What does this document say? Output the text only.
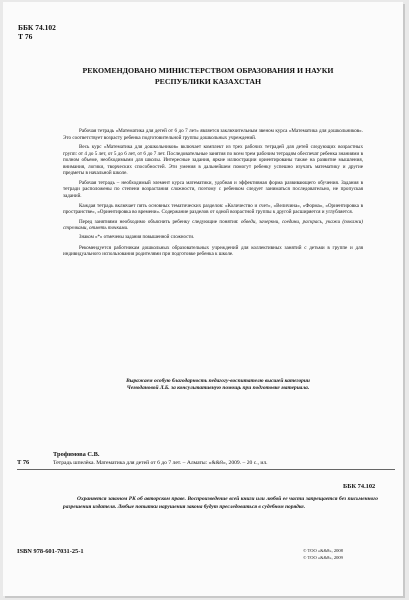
ББК 74.102
Т 76
РЕКОМЕНДОВАНО МИНИСТЕРСТВОМ ОБРАЗОВАНИЯ И НАУКИ
РЕСПУБЛИКИ КАЗАХСТАН

Рабочая тетрадь «Математика для детей от 6 до 7 лет» является заключительным звеном курса «Математика для дошкольников». Это соответствует возрасту ребенка подготовительной группы дошкольных учреждений.

Весь курс «Математика для дошкольников» включает комплект из трех рабочих тетрадей для детей следующих возрастных групп: от 4 до 5 лет, от 5 до 6 лет, от 6 до 7 лет. Последовательные занятия по всем трем рабочим тетрадям обеспечат ребенка знаниями в полном объеме, необходимыми для школы. Интересные задания, яркие иллюстрации ориентированы также на развитие мышления, внимания, логики, творческих способностей. Эти умения в дальнейшем помогут ребенку успешно изучать математику и другие предметы в начальной школе.

Рабочая тетрадь – необходимый элемент курса математики, удобная и эффективная форма развивающего обучения. Задания в тетради расположены по степени возрастания сложности, поэтому с ребенком следует заниматься последовательно, не пропуская заданий.

Каждая тетрадь включает пять основных тематических разделов: «Количество и счет», «Величина», «Форма», «Ориентировка в пространстве», «Ориентировка во времени». Содержание разделов от одной возрастной группы к другой расширяется и углубляется.

Перед занятиями необходимо объяснить ребенку следующие понятия: обведи, зачеркни, соедини, раскрась, укажи (покажи) стрелками, отметь точками.

Знаком «*» отмечены задания повышенной сложности.

Рекомендуется работникам дошкольных образовательных учреждений для коллективных занятий с детьми в группе и для индивидуального использования родителями при подготовке ребенка к школе.

Выражаем особую благодарность педагогу-воспитателю высшей категории
Чемодановой Л.Б. за консультативную помощь при подготовке материала.
Трофимова С.В.
Т 76	Тетрадь шпелёка. Математика для детей от 6 до 7 лет. – Алматы: «&&8», 2009. – 20 с., ил.
ББК 74.102
Охраняется законом РК об авторском праве. Воспроизведение всей книги или любой ее части запрещается без письменного разрешения издателя. Любые попытки нарушения закона будут преследоваться в судебном порядке.
ISBN 978-601-7031-25-1	© ТОО «&&8», 2008
© ТОО «&&8», 2009
